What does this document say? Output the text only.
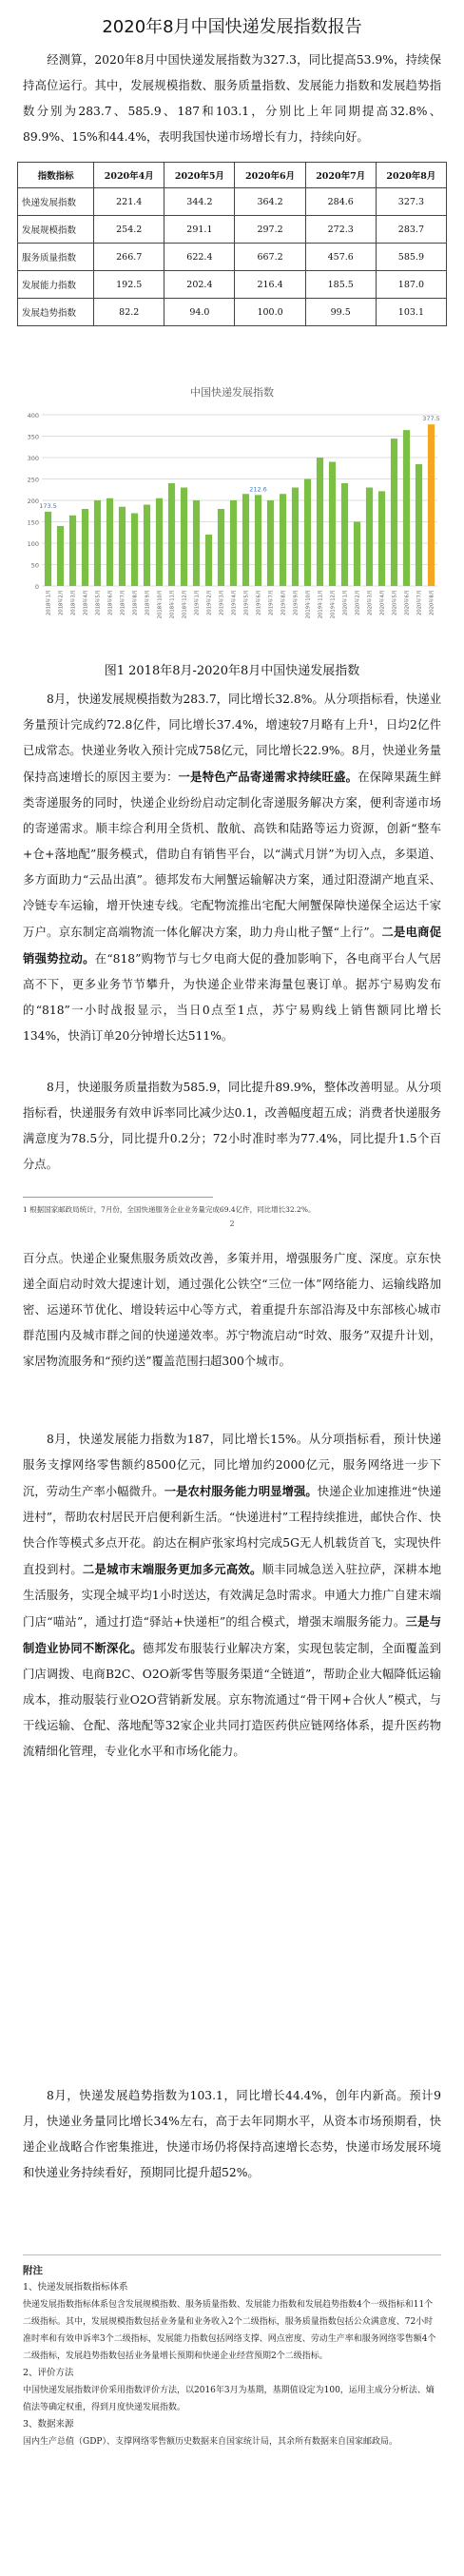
2020年8月中国快递发展指数报告

经测算，2020年8月中国快递发展指数为327.3，同比提高53.9%，持续保持高位运行。其中，发展规模指数、服务质量指数、发展能力指数和发展趋势指数分别为283.7、585.9、187和103.1，分别比上年同期提高32.8%、89.9%、15%和44.4%，表明我国快递市场增长有力，持续向好。

指数指标	2020年4月	2020年5月	2020年6月	2020年7月	2020年8月
快递发展指数	221.4	344.2	364.2	284.6	327.3
发展规模指数	254.2	291.1	297.2	272.3	283.7
服务质量指数	266.7	622.4	667.2	457.6	585.9
发展能力指数	192.5	202.4	216.4	185.5	187.0
发展趋势指数	82.2	94.0	100.0	99.5	103.1
中国快递发展指数
0
50
100
150
200
250
300
350
400
2018年1月	2018年2月	2018年3月	2018年4月	2018年5月	2018年6月	2018年7月	2018年8月	2018年9月	2018年10月	2018年11月	2018年12月	2019年1月	2019年2月	2019年3月	2019年4月	2019年5月	2019年6月	2019年7月	2019年8月	2019年9月	2019年10月	2019年11月	2019年12月	2020年1月	2020年2月	2020年3月	2020年4月	2020年5月	2020年6月	2020年7月	2020年8月
173.5
212.6
377.5
图1 2018年8月-2020年8月中国快递发展指数

8月，快递发展规模指数为283.7，同比增长32.8%。从分项指标看，快递业务量预计完成约72.8亿件，同比增长37.4%，增速较7月略有上升¹，日均2亿件已成常态。快递业务收入预计完成758亿元，同比增长22.9%。8月，快递业务量保持高速增长的原因主要为：一是特色产品寄递需求持续旺盛。在保障果蔬生鲜类寄递服务的同时，快递企业纷纷启动定制化寄递服务解决方案，便利寄递市场的寄递需求。顺丰综合利用全货机、散航、高铁和陆路等运力资源，创新“整车+仓+落地配”服务模式，借助自有销售平台，以“满式月饼”为切入点，多渠道、多方面助力“云品出滇”。德邦发布大闸蟹运输解决方案，通过阳澄湖产地直采、冷链专车运输，增开快速专线。宅配物流推出宅配大闸蟹保障快递保全运达千家万户。京东制定高端物流一体化解决方案，助力舟山枇子蟹“上行”。二是电商促销强势拉动。在“818”购物节与七夕电商大促的叠加影响下，各电商平台人气居高不下，更多业务节节攀升，为快递企业带来海量包裹订单。据苏宁易购发布的“818”一小时战报显示，当日0点至1点，苏宁易购线上销售额同比增长134%，快消订单20分钟增长达511%。

8月，快递服务质量指数为585.9，同比提升89.9%，整体改善明显。从分项指标看，快递服务有效申诉率同比减少达0.1，改善幅度超五成；消费者快递服务满意度为78.5分，同比提升0.2分；72小时准时率为77.4%，同比提升1.5个百分点。

1 根据国家邮政局统计，7月份，全国快递服务企业业务量完成69.4亿件，同比增长32.2%。
2

百分点。快递企业聚焦服务质效改善，多策并用，增强服务广度、深度。京东快递全面启动时效大提速计划，通过强化公铁空“三位一体”网络能力、运输线路加密、运递环节优化、增设转运中心等方式，着重提升东部沿海及中东部核心城市群范围内及城市群之间的快递递效率。苏宁物流启动“时效、服务”双提升计划，家居物流服务和“预约送”覆盖范围扫超300个城市。

8月，快递发展能力指数为187，同比增长15%。从分项指标看，预计快递服务支撑网络零售额约8500亿元，同比增加约2000亿元，服务网络进一步下沉，劳动生产率小幅微升。一是农村服务能力明显增强。快递企业加速推进“快递进村”，帮助农村居民开启便利新生活。“快递进村”工程持续推进，邮快合作、快快合作等模式多点开花。韵达在桐庐张家坞村完成5G无人机载货首飞，实现快件直投到村。二是城市末端服务更加多元高效。顺丰同城急送入驻拉萨，深耕本地生活服务，实现全城平均1小时送达，有效满足急时需求。申通大力推广自建末端门店“喵站”，通过打造“驿站+快递柜”的组合模式，增强末端服务能力。三是与制造业协同不断深化。德邦发布服装行业解决方案，实现包装定制，全面覆盖到门店调拨、电商B2C、O2O新零售等服务渠道“全链道”，帮助企业大幅降低运输成本，推动服装行业O2O营销新发展。京东物流通过“骨干网+合伙人”模式，与干线运输、仓配、落地配等32家企业共同打造医药供应链网络体系，提升医药物流精细化管理，专业化水平和市场化能力。

8月，快递发展趋势指数为103.1，同比增长44.4%，创年内新高。预计9月，快递业务量同比增长34%左右，高于去年同期水平，从资本市场预期看，快递企业战略合作密集推进，快递市场仍将保持高速增长态势，快递市场发展环境和快递业务持续看好，预期同比提升超52%。

附注
1、快递发展指数指标体系
快递发展指数指标体系包含发展规模指数、服务质量指数、发展能力指数和发展趋势指数4个一级指标和11个二级指标。其中，发展规模指数包括业务量和业务收入2个二级指标，服务质量指数包括公众满意度、72小时准时率和有效申诉率3个二级指标，发展能力指数包括网络支撑、网点密度、劳动生产率和服务网络零售额4个二级指标，发展趋势指数包括业务量增长预期和快递企业经营预期2个二级指标。
2、评价方法
中国快递发展指数评价采用指数评价方法，以2016年3月为基期，基期值设定为100，运用主成分分析法、熵值法等确定权重，得到月度快递发展指数。
3、数据来源
国内生产总值（GDP）、支撑网络零售额历史数据来自国家统计局，其余所有数据来自国家邮政局。
